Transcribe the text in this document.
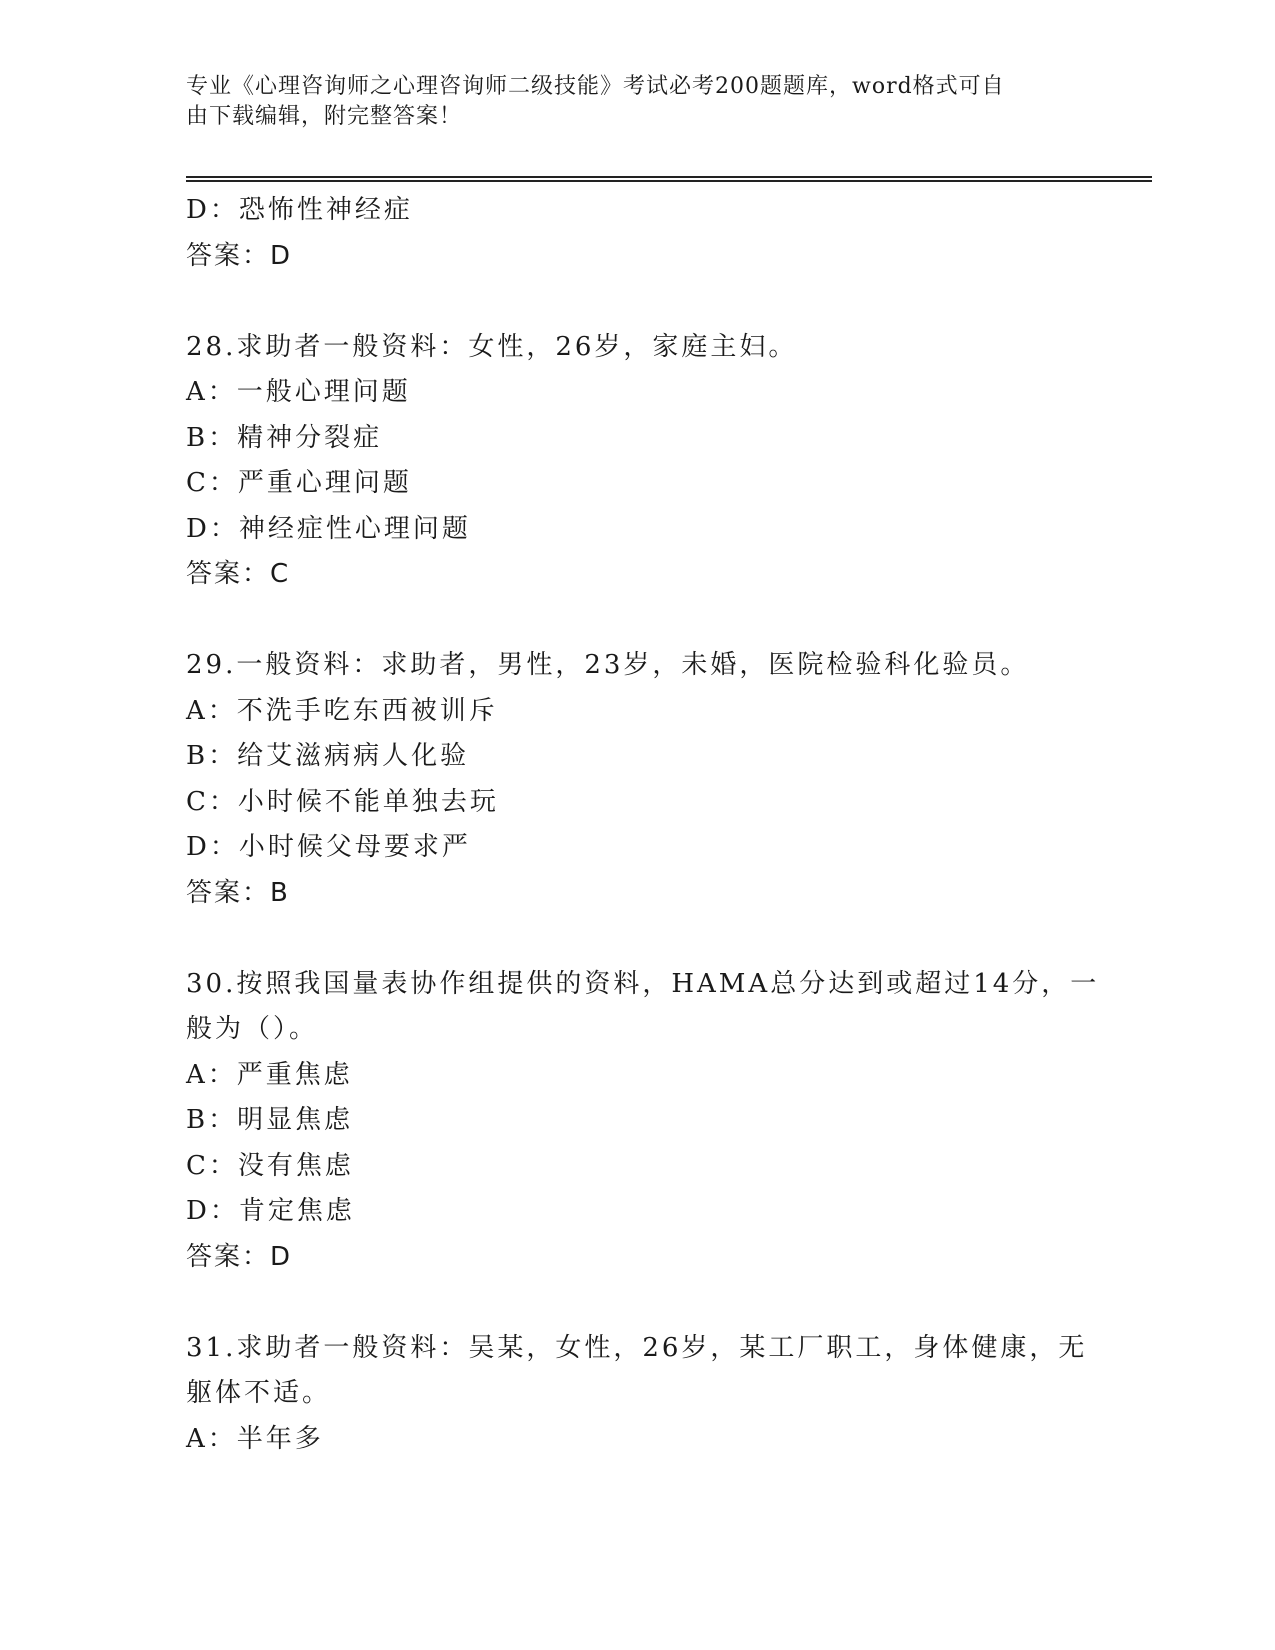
专业《心理咨询师之心理咨询师二级技能》考试必考200题题库，word格式可自
由下载编辑，附完整答案！
D：恐怖性神经症
答案：D
28.求助者一般资料：女性，26岁，家庭主妇。
A：一般心理问题
B：精神分裂症
C：严重心理问题
D：神经症性心理问题
答案：C
29.一般资料：求助者，男性，23岁，未婚，医院检验科化验员。
A：不洗手吃东西被训斥
B：给艾滋病病人化验
C：小时候不能单独去玩
D：小时候父母要求严
答案：B
30.按照我国量表协作组提供的资料，HAMA总分达到或超过14分，一
般为（）。
A：严重焦虑
B：明显焦虑
C：没有焦虑
D：肯定焦虑
答案：D
31.求助者一般资料：吴某，女性，26岁，某工厂职工，身体健康，无
躯体不适。
A：半年多
